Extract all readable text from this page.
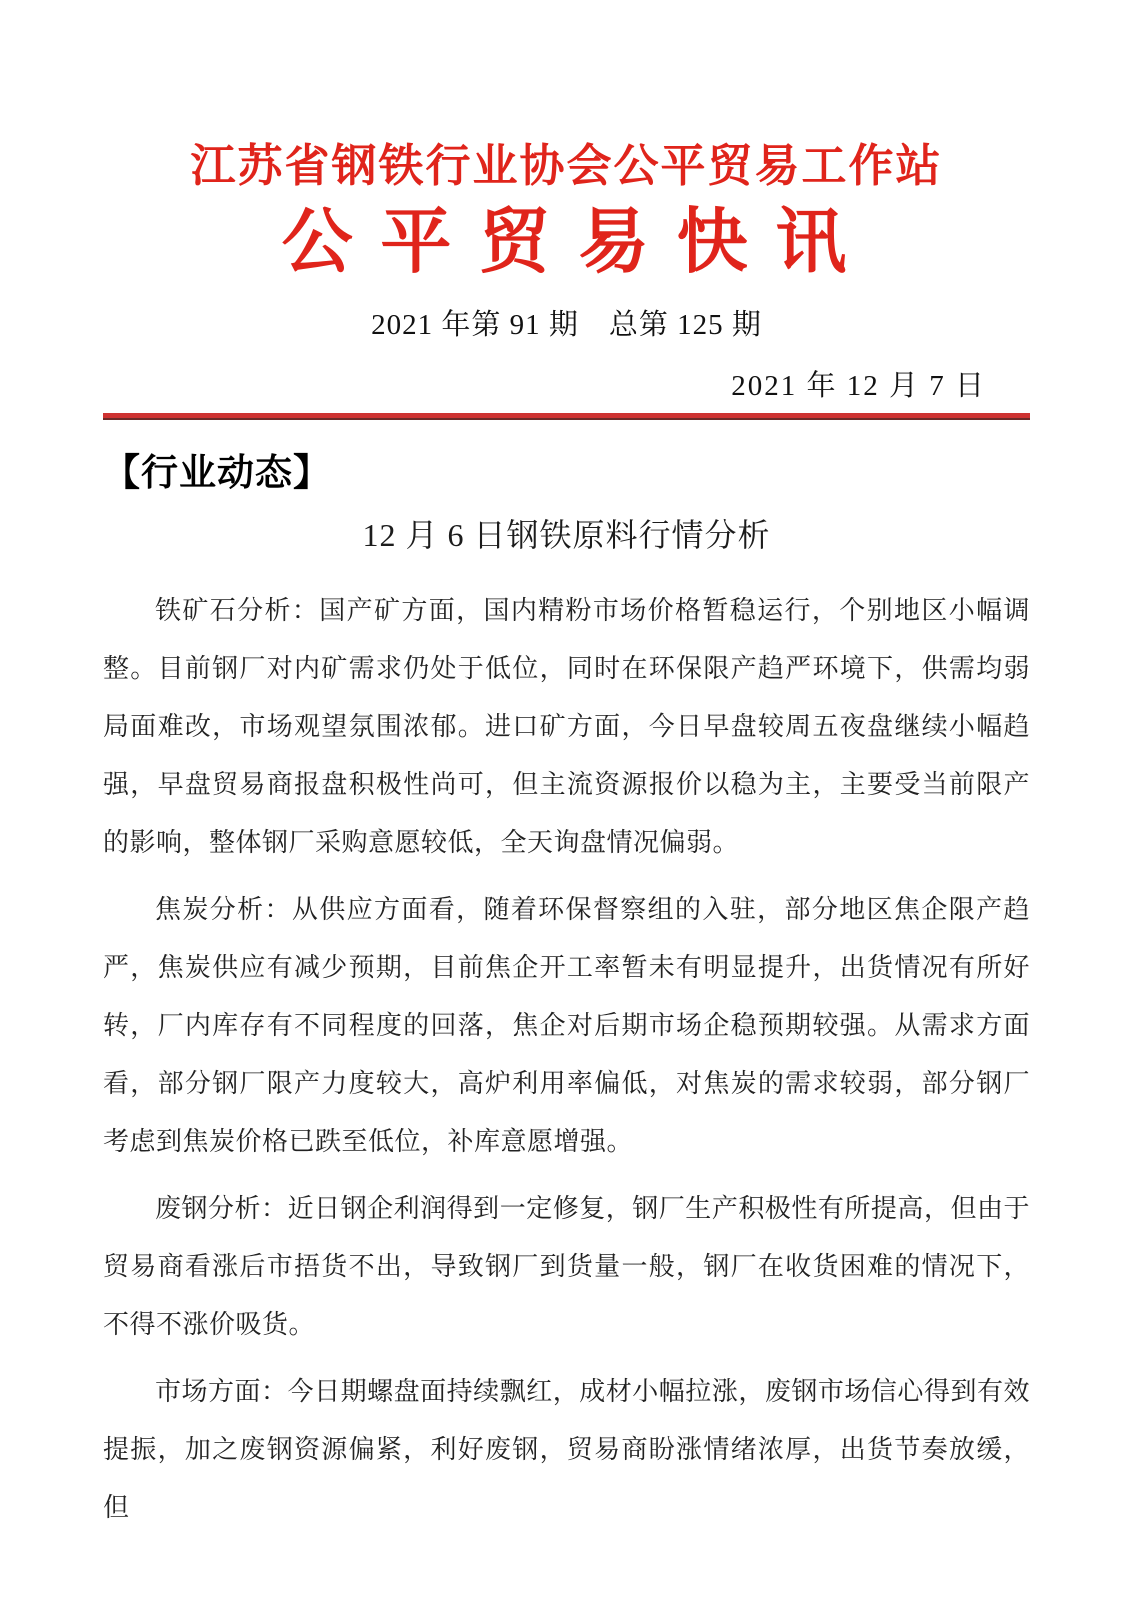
江苏省钢铁行业协会公平贸易工作站
公 平 贸 易 快 讯
2021 年第 91 期　总第 125 期
2021 年 12 月 7 日
【行业动态】
12 月 6 日钢铁原料行情分析

铁矿石分析：国产矿方面，国内精粉市场价格暂稳运行，个别地区小幅调整。目前钢厂对内矿需求仍处于低位，同时在环保限产趋严环境下，供需均弱局面难改，市场观望氛围浓郁。进口矿方面，今日早盘较周五夜盘继续小幅趋强，早盘贸易商报盘积极性尚可，但主流资源报价以稳为主，主要受当前限产的影响，整体钢厂采购意愿较低，全天询盘情况偏弱。

焦炭分析：从供应方面看，随着环保督察组的入驻，部分地区焦企限产趋严，焦炭供应有减少预期，目前焦企开工率暂未有明显提升，出货情况有所好转，厂内库存有不同程度的回落，焦企对后期市场企稳预期较强。从需求方面看，部分钢厂限产力度较大，高炉利用率偏低，对焦炭的需求较弱，部分钢厂考虑到焦炭价格已跌至低位，补库意愿增强。

废钢分析：近日钢企利润得到一定修复，钢厂生产积极性有所提高，但由于贸易商看涨后市捂货不出，导致钢厂到货量一般，钢厂在收货困难的情况下，不得不涨价吸货。

市场方面：今日期螺盘面持续飘红，成材小幅拉涨，废钢市场信心得到有效提振，加之废钢资源偏紧，利好废钢，贸易商盼涨情绪浓厚，出货节奏放缓，但
